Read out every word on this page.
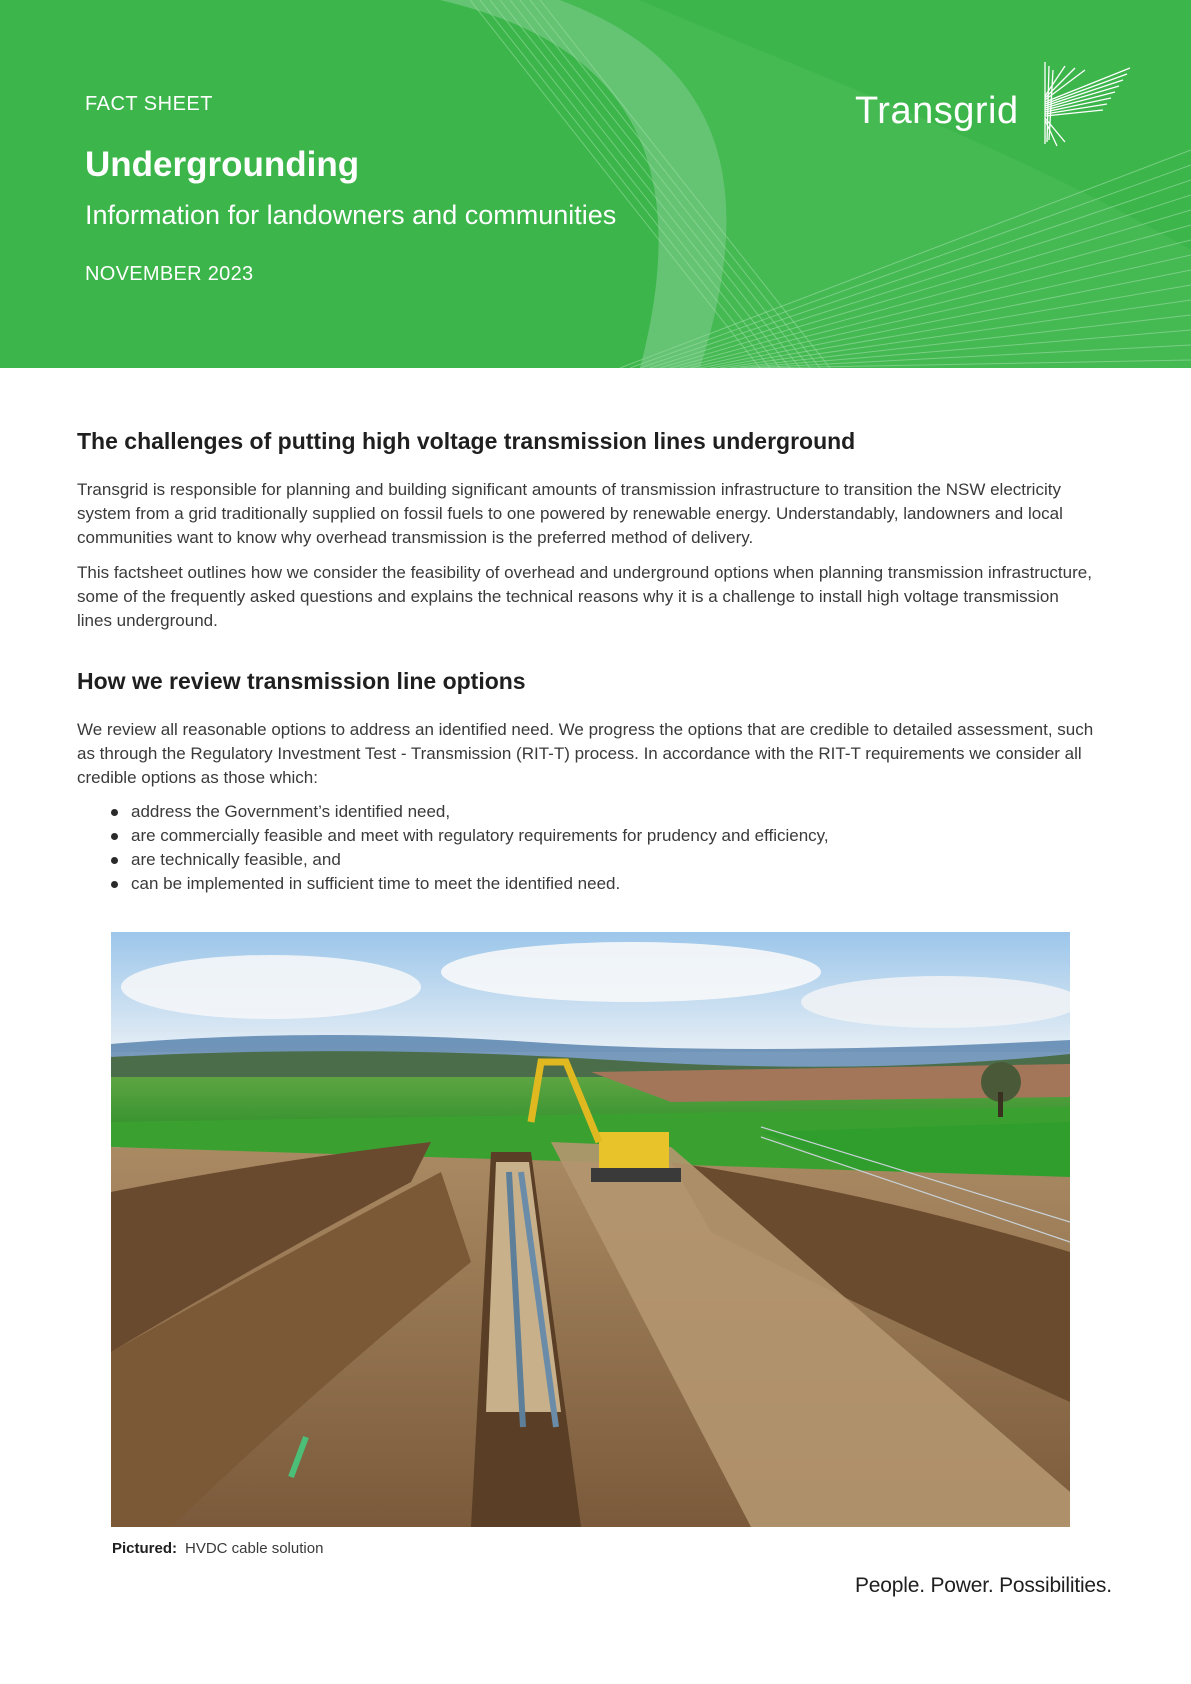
FACT SHEET
Undergrounding
Information for landowners and communities
NOVEMBER 2023
Transgrid
The challenges of putting high voltage transmission lines underground

Transgrid is responsible for planning and building significant amounts of transmission infrastructure to transition the NSW electricity system from a grid traditionally supplied on fossil fuels to one powered by renewable energy. Understandably, landowners and local communities want to know why overhead transmission is the preferred method of delivery.

This factsheet outlines how we consider the feasibility of overhead and underground options when planning transmission infrastructure, some of the frequently asked questions and explains the technical reasons why it is a challenge to install high voltage transmission lines underground.

How we review transmission line options

We review all reasonable options to address an identified need. We progress the options that are credible to detailed assessment, such as through the Regulatory Investment Test - Transmission (RIT-T) process. In accordance with the RIT-T requirements we consider all credible options as those which:

address the Government’s identified need,
are commercially feasible and meet with regulatory requirements for prudency and efficiency,
are technically feasible, and
can be implemented in sufficient time to meet the identified need.
Pictured: HVDC cable solution
People. Power. Possibilities.
